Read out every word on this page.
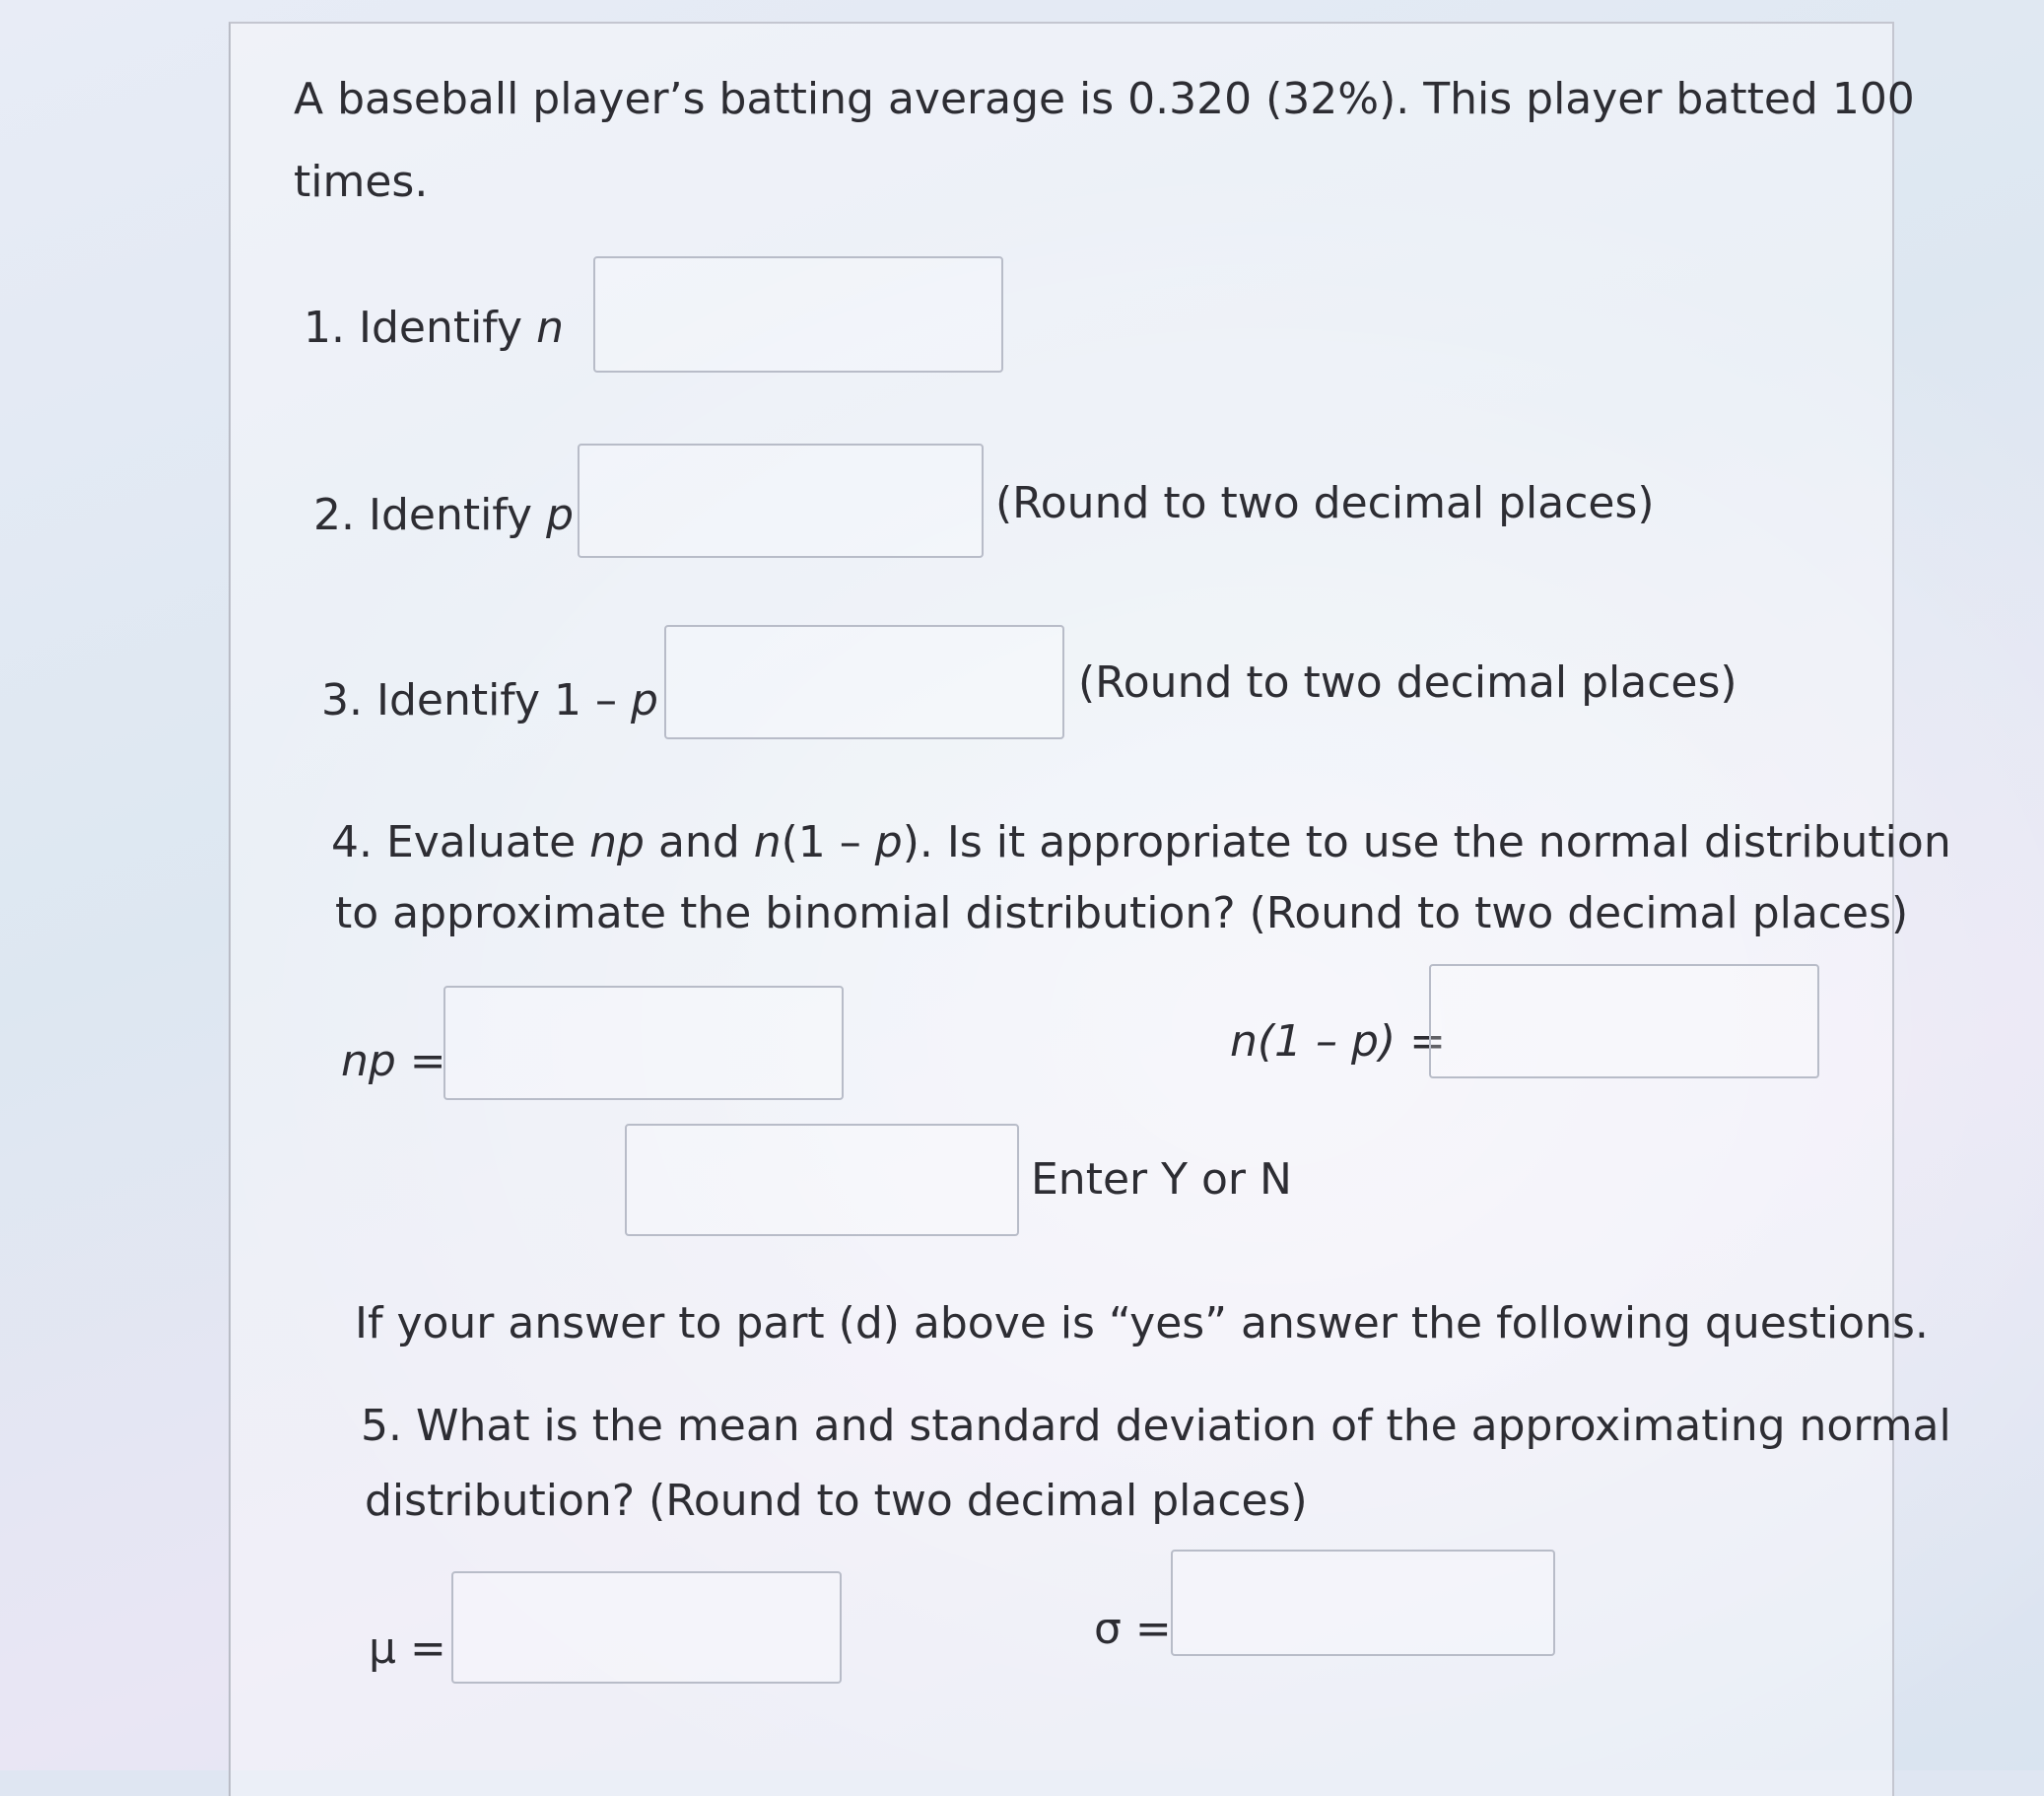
A baseball player’s batting average is 0.320 (32%). This player batted 100
times.
1. Identify n
2. Identify p	(Round to two decimal places)
3. Identify 1 – p	(Round to two decimal places)
4. Evaluate np and n(1 – p). Is it appropriate to use the normal distribution
to approximate the binomial distribution? (Round to two decimal places)
np =	n(1 – p) =
Enter Y or N
If your answer to part (d) above is “yes” answer the following questions.
5. What is the mean and standard deviation of the approximating normal
distribution? (Round to two decimal places)
μ =	σ =
